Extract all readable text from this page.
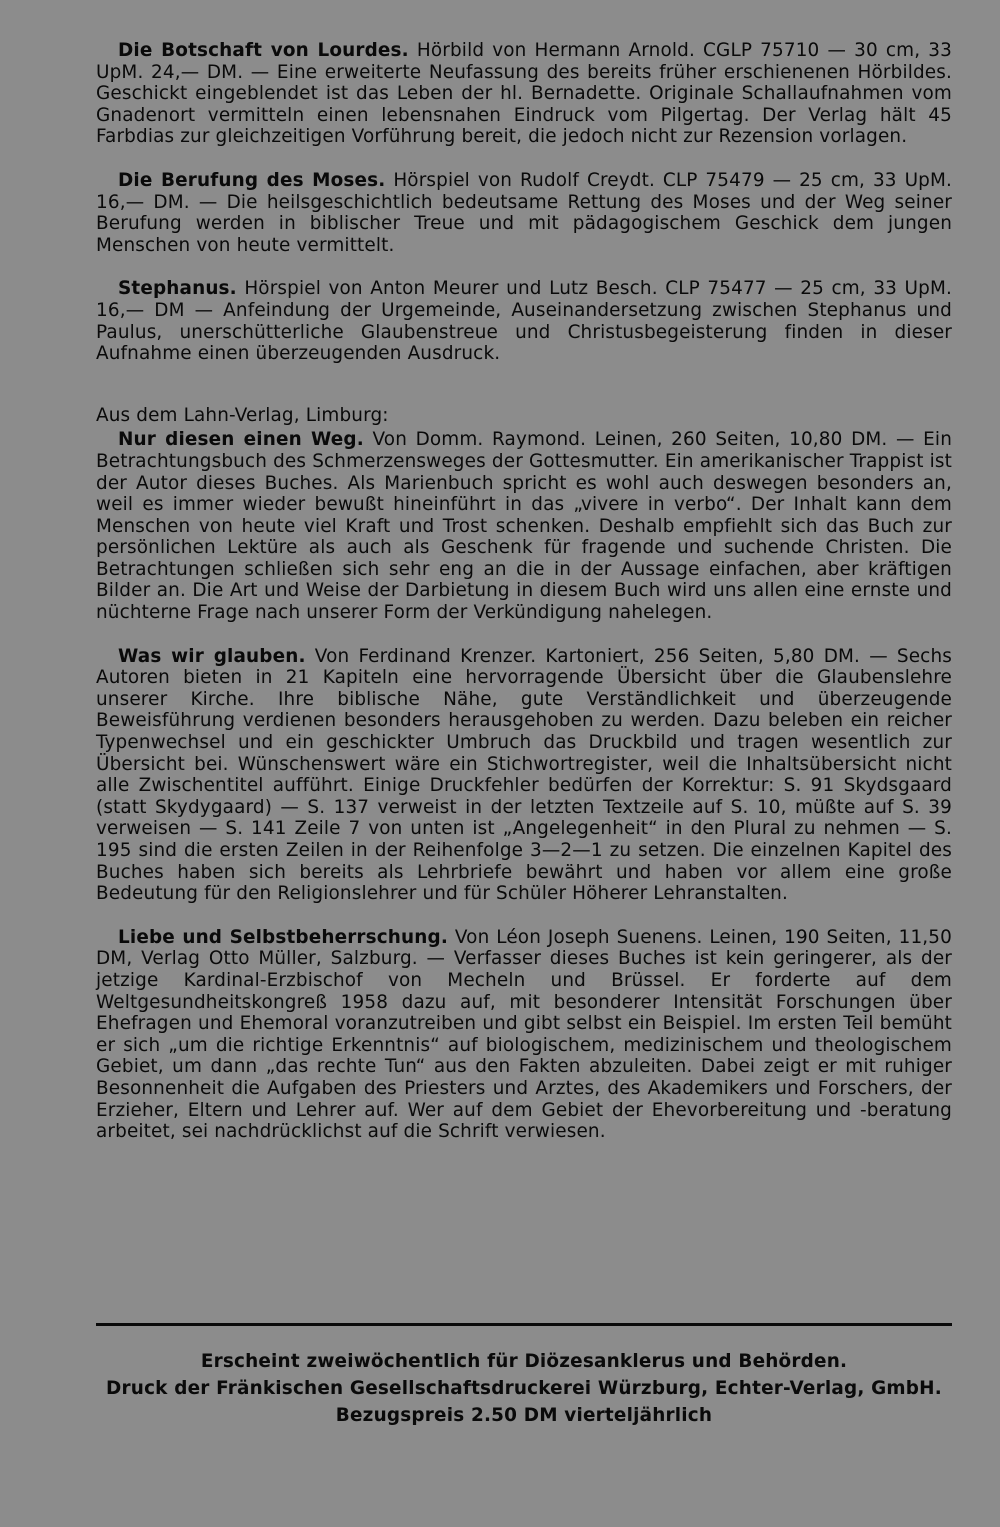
Die Botschaft von Lourdes. Hörbild von Hermann Arnold. CGLP 75710 — 30 cm, 33 UpM. 24,— DM. — Eine erweiterte Neufassung des bereits früher erschienenen Hörbildes. Geschickt eingeblendet ist das Leben der hl. Bernadette. Originale Schallaufnahmen vom Gnadenort vermitteln einen lebensnahen Eindruck vom Pilgertag. Der Verlag hält 45 Farbdias zur gleichzeitigen Vorführung bereit, die jedoch nicht zur Rezension vorlagen.

Die Berufung des Moses. Hörspiel von Rudolf Creydt. CLP 75479 — 25 cm, 33 UpM. 16,— DM. — Die heilsgeschichtlich bedeutsame Rettung des Moses und der Weg seiner Berufung werden in biblischer Treue und mit pädagogischem Geschick dem jungen Menschen von heute vermittelt.

Stephanus. Hörspiel von Anton Meurer und Lutz Besch. CLP 75477 — 25 cm, 33 UpM. 16,— DM — Anfeindung der Urgemeinde, Auseinandersetzung zwischen Stephanus und Paulus, unerschütterliche Glaubenstreue und Christusbegeisterung finden in dieser Aufnahme einen überzeugenden Ausdruck.

Aus dem Lahn-Verlag, Limburg:

Nur diesen einen Weg. Von Domm. Raymond. Leinen, 260 Seiten, 10,80 DM. — Ein Betrachtungsbuch des Schmerzensweges der Gottesmutter. Ein amerikanischer Trappist ist der Autor dieses Buches. Als Marienbuch spricht es wohl auch deswegen besonders an, weil es immer wieder bewußt hineinführt in das „vivere in verbo“. Der Inhalt kann dem Menschen von heute viel Kraft und Trost schenken. Deshalb empfiehlt sich das Buch zur persönlichen Lektüre als auch als Geschenk für fragende und suchende Christen. Die Betrachtungen schließen sich sehr eng an die in der Aussage einfachen, aber kräftigen Bilder an. Die Art und Weise der Darbietung in diesem Buch wird uns allen eine ernste und nüchterne Frage nach unserer Form der Verkündigung nahelegen.

Was wir glauben. Von Ferdinand Krenzer. Kartoniert, 256 Seiten, 5,80 DM. — Sechs Autoren bieten in 21 Kapiteln eine hervorragende Übersicht über die Glaubenslehre unserer Kirche. Ihre biblische Nähe, gute Verständlichkeit und überzeugende Beweisführung verdienen besonders herausgehoben zu werden. Dazu beleben ein reicher Typenwechsel und ein geschickter Umbruch das Druckbild und tragen wesentlich zur Übersicht bei. Wünschenswert wäre ein Stichwortregister, weil die Inhaltsübersicht nicht alle Zwischentitel aufführt. Einige Druckfehler bedürfen der Korrektur: S. 91 Skydsgaard (statt Skydygaard) — S. 137 verweist in der letzten Textzeile auf S. 10, müßte auf S. 39 verweisen — S. 141 Zeile 7 von unten ist „Angelegenheit“ in den Plural zu nehmen — S. 195 sind die ersten Zeilen in der Reihenfolge 3—2—1 zu setzen. Die einzelnen Kapitel des Buches haben sich bereits als Lehrbriefe bewährt und haben vor allem eine große Bedeutung für den Religionslehrer und für Schüler Höherer Lehranstalten.

Liebe und Selbstbeherrschung. Von Léon Joseph Suenens. Leinen, 190 Seiten, 11,50 DM, Verlag Otto Müller, Salzburg. — Verfasser dieses Buches ist kein geringerer, als der jetzige Kardinal-Erzbischof von Mecheln und Brüssel. Er forderte auf dem Weltgesundheitskongreß 1958 dazu auf, mit besonderer Intensität Forschungen über Ehefragen und Ehemoral voranzutreiben und gibt selbst ein Beispiel. Im ersten Teil bemüht er sich „um die richtige Erkenntnis“ auf biologischem, medizinischem und theologischem Gebiet, um dann „das rechte Tun“ aus den Fakten abzuleiten. Dabei zeigt er mit ruhiger Besonnenheit die Aufgaben des Priesters und Arztes, des Akademikers und Forschers, der Erzieher, Eltern und Lehrer auf. Wer auf dem Gebiet der Ehevorbereitung und -beratung arbeitet, sei nachdrücklichst auf die Schrift verwiesen.

Erscheint zweiwöchentlich für Diözesanklerus und Behörden.
Druck der Fränkischen Gesellschaftsdruckerei Würzburg, Echter-Verlag, GmbH.
Bezugspreis 2.50 DM vierteljährlich
